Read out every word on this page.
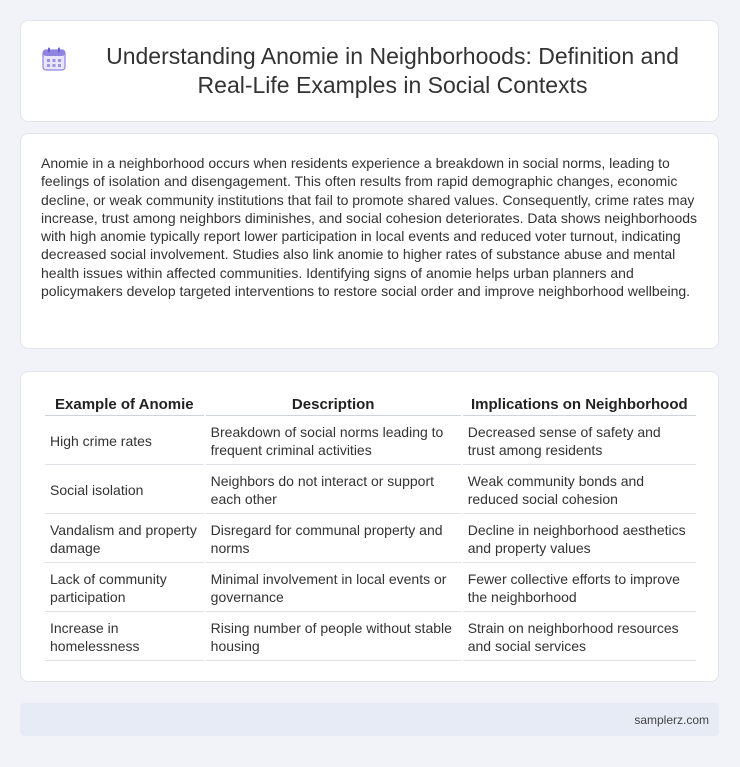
Understanding Anomie in Neighborhoods: Definition and Real-Life Examples in Social Contexts

Anomie in a neighborhood occurs when residents experience a breakdown in social norms, leading to feelings of isolation and disengagement. This often results from rapid demographic changes, economic decline, or weak community institutions that fail to promote shared values. Consequently, crime rates may increase, trust among neighbors diminishes, and social cohesion deteriorates. Data shows neighborhoods with high anomie typically report lower participation in local events and reduced voter turnout, indicating decreased social involvement. Studies also link anomie to higher rates of substance abuse and mental health issues within affected communities. Identifying signs of anomie helps urban planners and policymakers develop targeted interventions to restore social order and improve neighborhood wellbeing.

Example of Anomie	Description	Implications on Neighborhood
High crime rates	Breakdown of social norms leading to frequent criminal activities	Decreased sense of safety and trust among residents
Social isolation	Neighbors do not interact or support each other	Weak community bonds and reduced social cohesion
Vandalism and property damage	Disregard for communal property and norms	Decline in neighborhood aesthetics and property values
Lack of community participation	Minimal involvement in local events or governance	Fewer collective efforts to improve the neighborhood
Increase in homelessness	Rising number of people without stable housing	Strain on neighborhood resources and social services
samplerz.com
